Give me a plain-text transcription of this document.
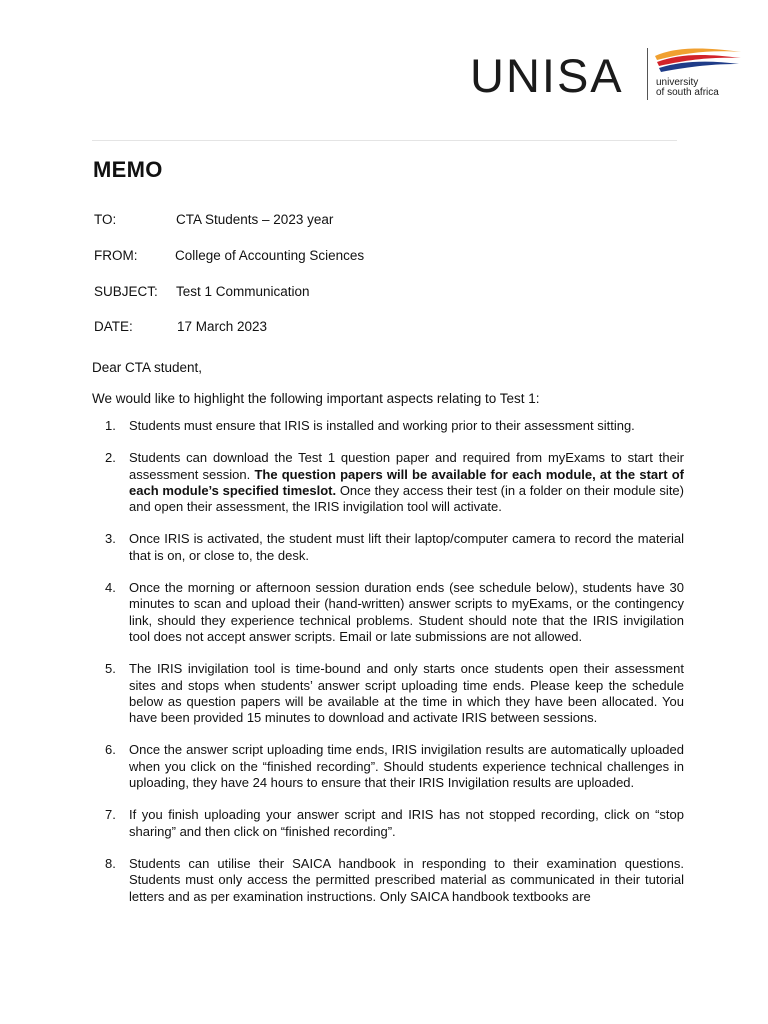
UNISA	university
of south africa
MEMO
TO:	CTA Students – 2023 year
FROM:	College of Accounting Sciences
SUBJECT: Test 1 Communication
DATE:	17 March 2023
Dear CTA student,
We would like to highlight the following important aspects relating to Test 1:
1. Students must ensure that IRIS is installed and working prior to their assessment sitting.
2. Students can download the Test 1 question paper and required from myExams to start their assessment session. The question papers will be available for each module, at the start of each module’s specified timeslot. Once they access their test (in a folder on their module site) and open their assessment, the IRIS invigilation tool will activate.
3. Once IRIS is activated, the student must lift their laptop/computer camera to record the material that is on, or close to, the desk.
4. Once the morning or afternoon session duration ends (see schedule below), students have 30 minutes to scan and upload their (hand-written) answer scripts to myExams, or the contingency link, should they experience technical problems. Student should note that the IRIS invigilation tool does not accept answer scripts. Email or late submissions are not allowed.
5. The IRIS invigilation tool is time-bound and only starts once students open their assessment sites and stops when students’ answer script uploading time ends. Please keep the schedule below as question papers will be available at the time in which they have been allocated. You have been provided 15 minutes to download and activate IRIS between sessions.
6. Once the answer script uploading time ends, IRIS invigilation results are automatically uploaded when you click on the “finished recording”. Should students experience technical challenges in uploading, they have 24 hours to ensure that their IRIS Invigilation results are uploaded.
7. If you finish uploading your answer script and IRIS has not stopped recording, click on “stop sharing” and then click on “finished recording”.
8. Students can utilise their SAICA handbook in responding to their examination questions. Students must only access the permitted prescribed material as communicated in their tutorial letters and as per examination instructions. Only SAICA handbook textbooks are
